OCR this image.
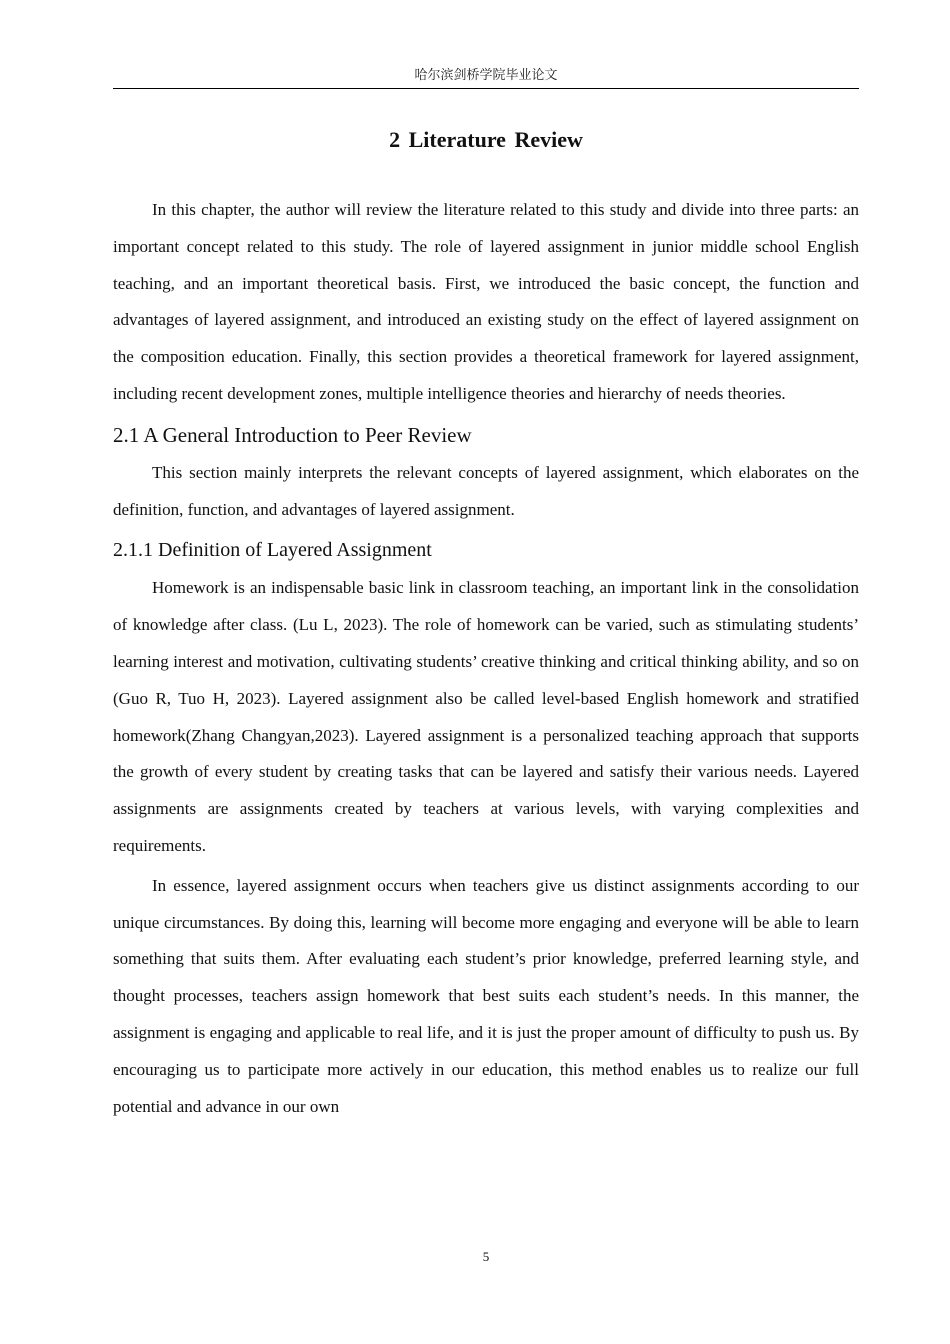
哈尔滨剑桥学院毕业论文
2 Literature Review

In this chapter, the author will review the literature related to this study and divide into three parts: an important concept related to this study. The role of layered assignment in junior middle school English teaching, and an important theoretical basis. First, we introduced the basic concept, the function and advantages of layered assignment, and introduced an existing study on the effect of layered assignment on the composition education. Finally, this section provides a theoretical framework for layered assignment, including recent development zones, multiple intelligence theories and hierarchy of needs theories.

2.1 A General Introduction to Peer Review

This section mainly interprets the relevant concepts of layered assignment, which elaborates on the definition, function, and advantages of layered assignment.

2.1.1 Definition of Layered Assignment

Homework is an indispensable basic link in classroom teaching, an important link in the consolidation of knowledge after class. (Lu L, 2023). The role of homework can be varied, such as stimulating students’ learning interest and motivation, cultivating students’ creative thinking and critical thinking ability, and so on (Guo R, Tuo H, 2023). Layered assignment also be called level-based English homework and stratified homework(Zhang Changyan,2023). Layered assignment is a personalized teaching approach that supports the growth of every student by creating tasks that can be layered and satisfy their various needs. Layered assignments are assignments created by teachers at various levels, with varying complexities and requirements.

In essence, layered assignment occurs when teachers give us distinct assignments according to our unique circumstances. By doing this, learning will become more engaging and everyone will be able to learn something that suits them. After evaluating each student’s prior knowledge, preferred learning style, and thought processes, teachers assign homework that best suits each student’s needs. In this manner, the assignment is engaging and applicable to real life, and it is just the proper amount of difficulty to push us. By encouraging us to participate more actively in our education, this method enables us to realize our full potential and advance in our own

5
